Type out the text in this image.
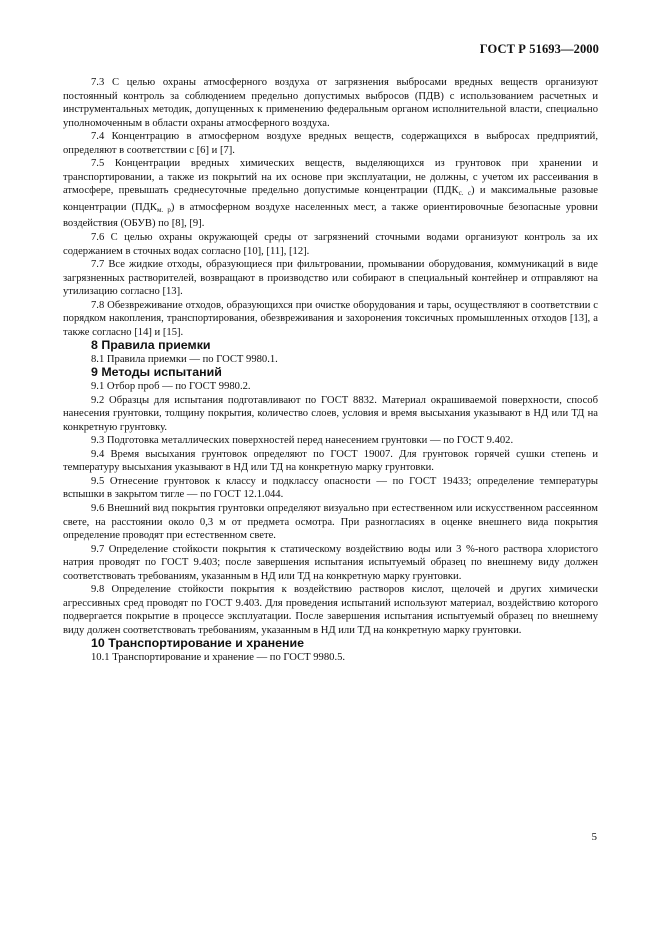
ГОСТ Р 51693—2000

7.3 С целью охраны атмосферного воздуха от загрязнения выбросами вредных веществ организуют постоянный контроль за соблюдением предельно допустимых выбросов (ПДВ) с использованием расчетных и инструментальных методик, допущенных к применению федеральным органом исполнительной власти, специально уполномоченным в области охраны атмосферного воздуха.

7.4 Концентрацию в атмосферном воздухе вредных веществ, содержащихся в выбросах предприятий, определяют в соответствии с [6] и [7].

7.5 Концентрации вредных химических веществ, выделяющихся из грунтовок при хранении и транспортировании, а также из покрытий на их основе при эксплуатации, не должны, с учетом их рассеивания в атмосфере, превышать среднесуточные предельно допустимые концентрации $(ПДК_{с. с})$ и максимальные разовые концентрации $(ПДК_{м. р})$ в атмосферном воздухе населенных мест, а также ориентировочные безопасные уровни воздействия (ОБУВ) по [8], [9].

7.6 С целью охраны окружающей среды от загрязнений сточными водами организуют контроль за их содержанием в сточных водах согласно [10], [11], [12].

7.7 Все жидкие отходы, образующиеся при фильтровании, промывании оборудования, коммуникаций в виде загрязненных растворителей, возвращают в производство или собирают в специальный контейнер и отправляют на утилизацию согласно [13].

7.8 Обезвреживание отходов, образующихся при очистке оборудования и тары, осуществляют в соответствии с порядком накопления, транспортирования, обезвреживания и захоронения токсичных промышленных отходов [13], а также согласно [14] и [15].

8 Правила приемки

8.1 Правила приемки — по ГОСТ 9980.1.

9 Методы испытаний

9.1 Отбор проб — по ГОСТ 9980.2.

9.2 Образцы для испытания подготавливают по ГОСТ 8832. Материал окрашиваемой поверхности, способ нанесения грунтовки, толщину покрытия, количество слоев, условия и время высыхания указывают в НД или ТД на конкретную грунтовку.

9.3 Подготовка металлических поверхностей перед нанесением грунтовки — по ГОСТ 9.402.

9.4 Время высыхания грунтовок определяют по ГОСТ 19007. Для грунтовок горячей сушки степень и температуру высыхания указывают в НД или ТД на конкретную марку грунтовки.

9.5 Отнесение грунтовок к классу и подклассу опасности — по ГОСТ 19433; определение температуры вспышки в закрытом тигле — по ГОСТ 12.1.044.

9.6 Внешний вид покрытия грунтовки определяют визуально при естественном или искусственном рассеянном свете, на расстоянии около 0,3 м от предмета осмотра. При разногласиях в оценке внешнего вида покрытия определение проводят при естественном свете.

9.7 Определение стойкости покрытия к статическому воздействию воды или 3 %-ного раствора хлористого натрия проводят по ГОСТ 9.403; после завершения испытания испытуемый образец по внешнему виду должен соответствовать требованиям, указанным в НД или ТД на конкретную марку грунтовки.

9.8 Определение стойкости покрытия к воздействию растворов кислот, щелочей и других химически агрессивных сред проводят по ГОСТ 9.403. Для проведения испытаний используют материал, воздействию которого подвергается покрытие в процессе эксплуатации. После завершения испытания испытуемый образец по внешнему виду должен соответствовать требованиям, указанным в НД или ТД на конкретную марку грунтовки.

10 Транспортирование и хранение

10.1 Транспортирование и хранение — по ГОСТ 9980.5.

5
